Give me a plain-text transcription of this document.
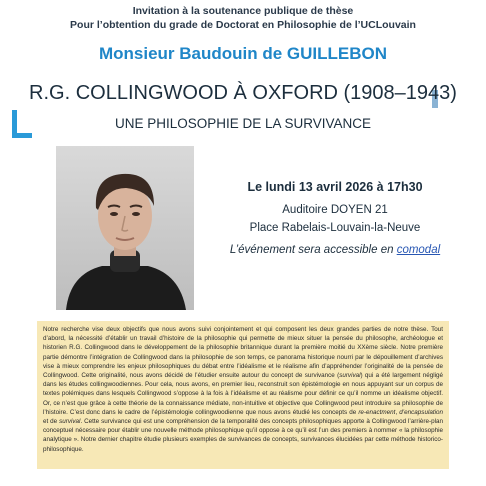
Invitation à la soutenance publique de thèse
Pour l’obtention du grade de Doctorat en Philosophie de l’UCLouvain
Monsieur Baudouin de GUILLEBON
R.G. COLLINGWOOD À OXFORD (1908–1943)
UNE PHILOSOPHIE DE LA SURVIVANCE
Le lundi 13 avril 2026 à 17h30
Auditoire DOYEN 21
Place Rabelais-Louvain-la-Neuve
L’événement sera accessible en comodal
Notre recherche vise deux objectifs que nous avons suivi conjointement et qui composent les deux grandes parties de notre thèse. Tout d’abord, la nécessité d’établir un travail d’histoire de la philosophie qui permette de mieux situer la pensée du philosophe, archéologue et historien R.G. Collingwood dans le développement de la philosophie britannique durant la première moitié du XXème siècle. Notre première partie démontre l’intégration de Collingwood dans la philosophie de son temps, ce panorama historique nourri par le dépouillement d’archives vise à mieux comprendre les enjeux philosophiques du débat entre l’idéalisme et le réalisme afin d’appréhender l’originalité de la pensée de Collingwood. Cette originalité, nous avons décidé de l’étudier ensuite autour du concept de survivance (survival) qui a été largement négligé dans les études collingwoodiennes. Pour cela, nous avons, en premier lieu, reconstruit son épistémologie en nous appuyant sur un corpus de textes polémiques dans lesquels Collingwood s’oppose à la fois à l’idéalisme et au réalisme pour définir ce qu’il nomme un idéalisme objectif. Or, ce n’est que grâce à cette théorie de la connaissance médiate, non-intuitive et objective que Collingwood peut introduire sa philosophie de l’histoire. C’est donc dans le cadre de l’épistémologie collingwoodienne que nous avons étudié les concepts de re-enactment, d’encapsulation et de survival. Cette survivance qui est une compréhension de la temporalité des concepts philosophiques apporte à Collingwood l’arrière-plan conceptuel nécessaire pour établir une nouvelle méthode philosophique qu’il oppose à ce qu’il est l’un des premiers à nommer « la philosophie analytique ». Notre dernier chapitre étudie plusieurs exemples de survivances de concepts, survivances élucidées par cette méthode historico-philosophique.
